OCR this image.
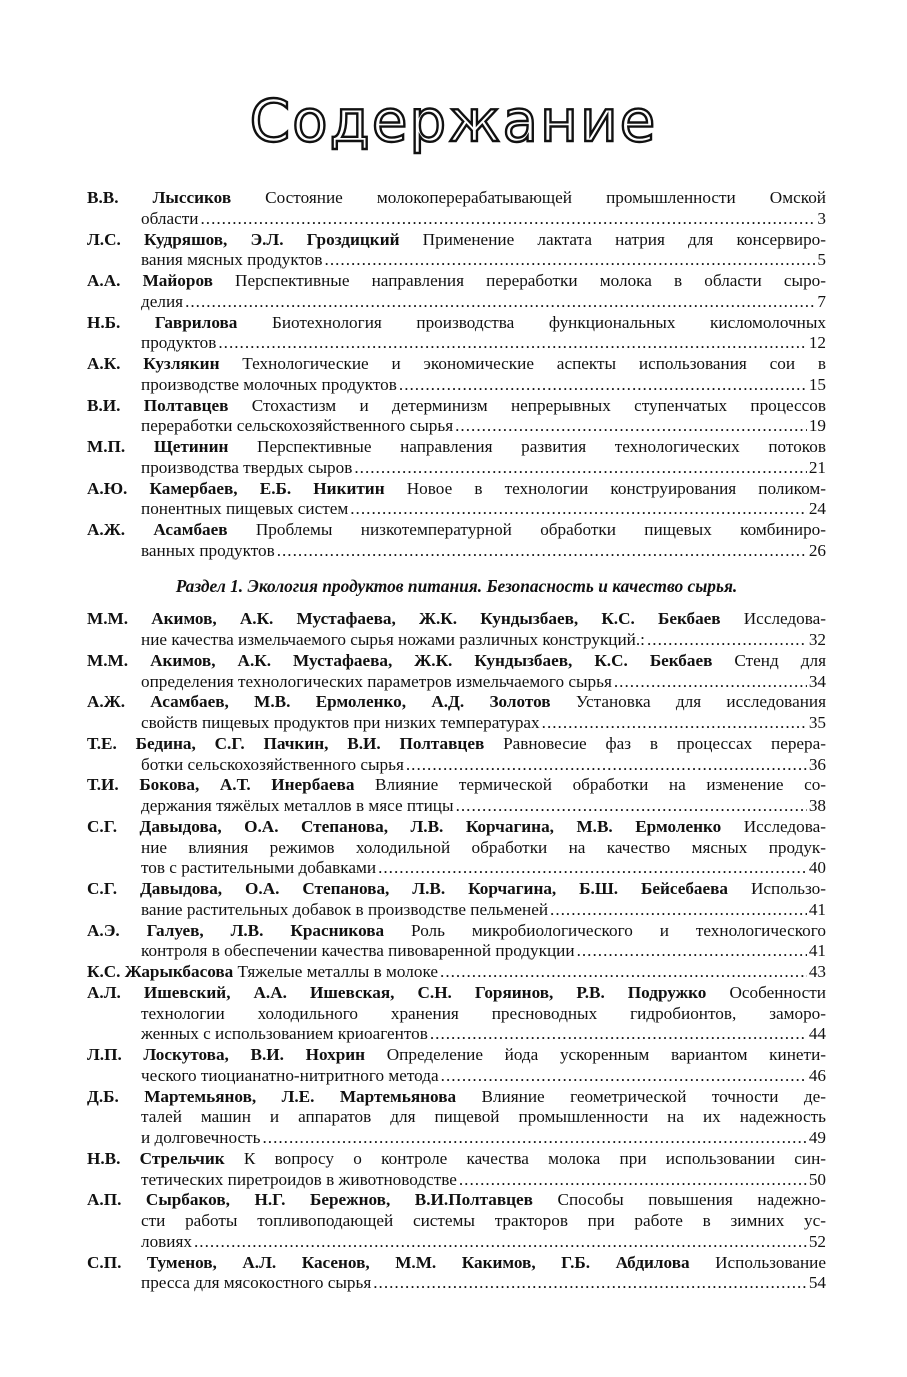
Содержание
В.В. Лыссиков Состояние молокоперерабатывающей промышленности Омской
области .....	3
Л.С. Кудряшов, Э.Л. Гроздицкий Применение лактата натрия для консервиро-
вания мясных продуктов .....	5
А.А. Майоров Перспективные направления переработки молока в области сыро-
делия .....	7
Н.Б. Гаврилова Биотехнология производства функциональных кисломолочных
продуктов .....	12
А.К. Кузлякин Технологические и экономические аспекты использования сои в
производстве молочных продуктов .....	15
В.И. Полтавцев Стохастизм и детерминизм непрерывных ступенчатых процессов
переработки сельскохозяйственного сырья .....	19
М.П. Щетинин Перспективные направления развития технологических потоков
производства твердых сыров .....	21
А.Ю. Камербаев, Е.Б. Никитин Новое в технологии конструирования поликом-
понентных пищевых систем .....	24
А.Ж. Асамбаев Проблемы низкотемпературной обработки пищевых комбиниро-
ванных продуктов .....	26
Раздел 1. Экология продуктов питания. Безопасность и качество сырья.
М.М. Акимов, А.К. Мустафаева, Ж.К. Кундызбаев, К.С. Бекбаев Исследова-
ние качества измельчаемого сырья ножами различных конструкций.: .....	32
М.М. Акимов, А.К. Мустафаева, Ж.К. Кундызбаев, К.С. Бекбаев Стенд для
определения технологических параметров измельчаемого сырья .....	34
А.Ж. Асамбаев, М.В. Ермоленко, А.Д. Золотов Установка для исследования
свойств пищевых продуктов при низких температурах .....	35
Т.Е. Бедина, С.Г. Пачкин, В.И. Полтавцев Равновесие фаз в процессах перера-
ботки сельскохозяйственного сырья .....	36
Т.И. Бокова, А.Т. Инербаева Влияние термической обработки на изменение со-
держания тяжёлых металлов в мясе птицы .....	38
С.Г. Давыдова, О.А. Степанова, Л.В. Корчагина, М.В. Ермоленко Исследова-
ние влияния режимов холодильной обработки на качество мясных продук-
тов с растительными добавками .....	40
С.Г. Давыдова, О.А. Степанова, Л.В. Корчагина, Б.Ш. Бейсебаева Использо-
вание растительных добавок в производстве пельменей .....	41
А.Э. Галуев, Л.В. Красникова Роль микробиологического и технологического
контроля в обеспечении качества пивоваренной продукции .....	41
К.С. Жарыкбасова Тяжелые металлы в молоке .....	43
А.Л. Ишевский, А.А. Ишевская, С.Н. Горяинов, Р.В. Подружко Особенности
технологии холодильного хранения пресноводных гидробионтов, заморо-
женных с использованием криоагентов .....	44
Л.П. Лоскутова, В.И. Нохрин Определение йода ускоренным вариантом кинети-
ческого тиоцианатно-нитритного метода .....	46
Д.Б. Мартемьянов, Л.Е. Мартемьянова Влияние геометрической точности де-
талей машин и аппаратов для пищевой промышленности на их надежность
и долговечность .....	49
Н.В. Стрельчик К вопросу о контроле качества молока при использовании син-
тетических пиретроидов в животноводстве .....	50
А.П. Сырбаков, Н.Г. Бережнов, В.И.Полтавцев Способы повышения надежно-
сти работы топливоподающей системы тракторов при работе в зимних ус-
ловиях .....	52
С.П. Туменов, А.Л. Касенов, М.М. Какимов, Г.Б. Абдилова Использование
пресса для мясокостного сырья .....	54
